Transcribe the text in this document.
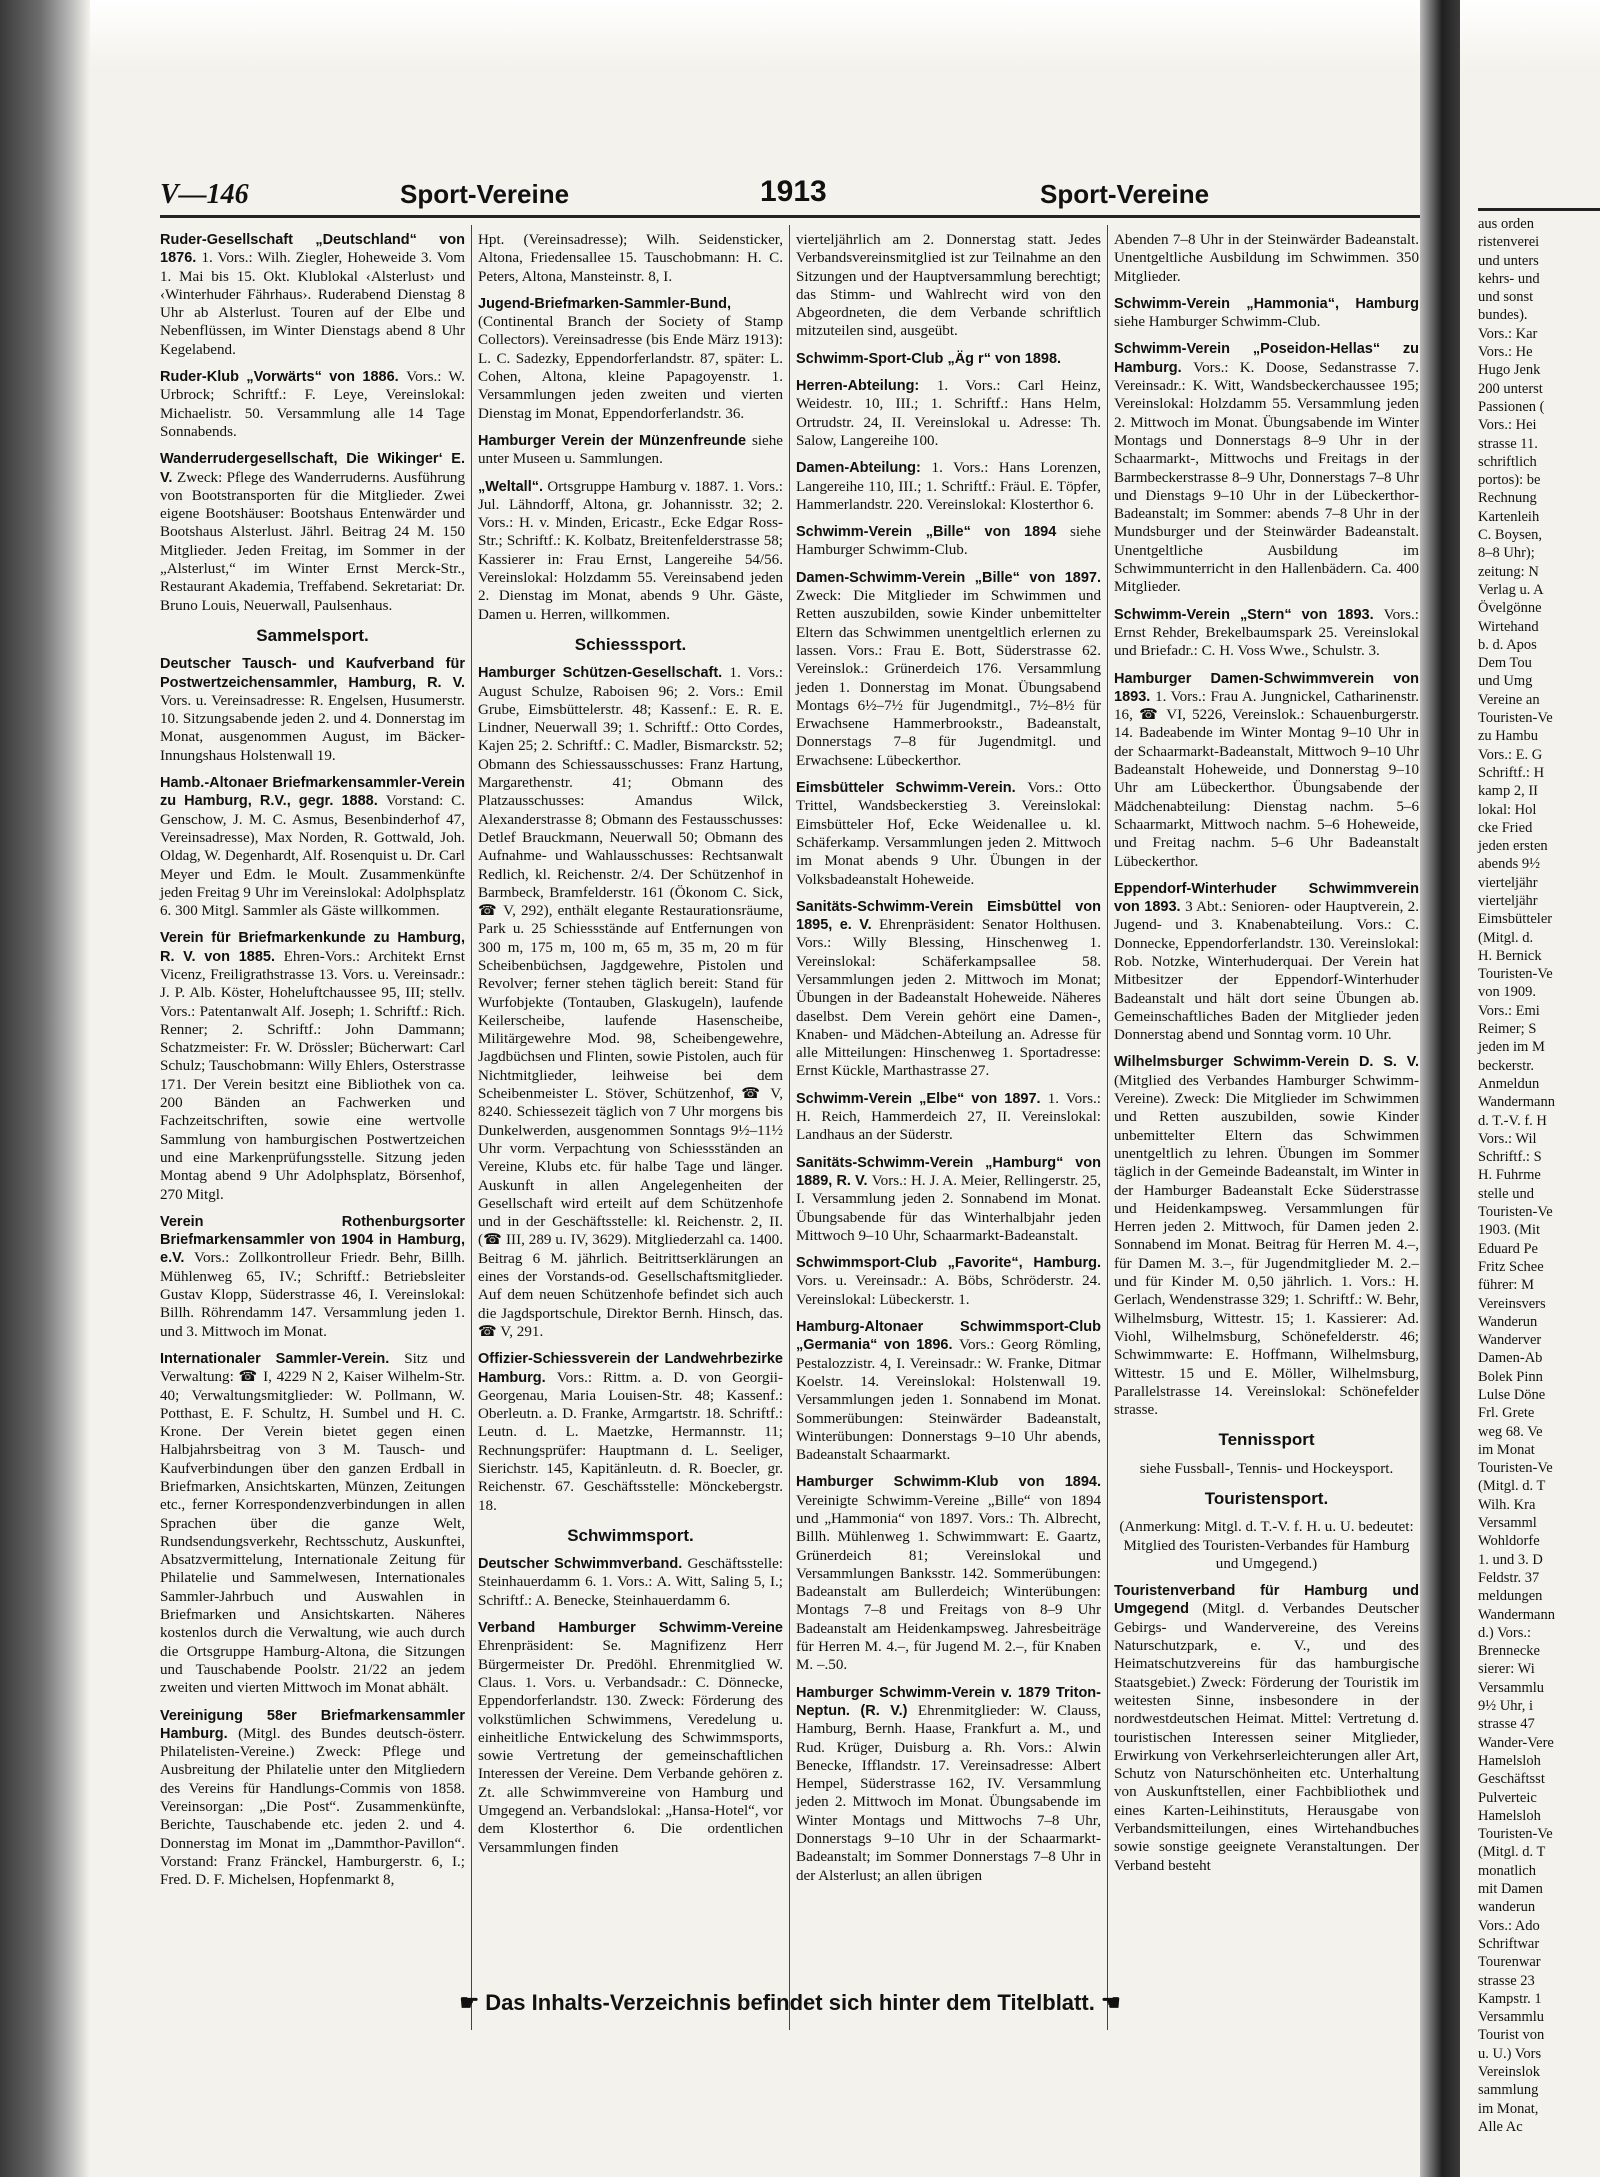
V—146	Sport-Vereine	1913	Sport-Vereine

Ruder-Gesellschaft „Deutschland“ von 1876. 1. Vors.: Wilh. Ziegler, Hoheweide 3. Vom 1. Mai bis 15. Okt. Klublokal ‹Alsterlust› und ‹Winterhuder Fährhaus›. Ruderabend Dienstag 8 Uhr ab Alsterlust. Touren auf der Elbe und Nebenflüssen, im Winter Dienstags abend 8 Uhr Kegelabend.

Ruder-Klub „Vorwärts“ von 1886. Vors.: W. Urbrock; Schriftf.: F. Leye, Vereinslokal: Michaelistr. 50. Versammlung alle 14 Tage Sonnabends.

Wanderrudergesellschaft, Die Wikinger‘ E. V. Zweck: Pflege des Wanderruderns. Ausführung von Bootstransporten für die Mitglieder. Zwei eigene Bootshäuser: Bootshaus Entenwärder und Bootshaus Alsterlust. Jährl. Beitrag 24 M. 150 Mitglieder. Jeden Freitag, im Sommer in der „Alsterlust,“ im Winter Ernst Merck-Str., Restaurant Akademia, Treffabend. Sekretariat: Dr. Bruno Louis, Neuerwall, Paulsenhaus.

Sammelsport.

Deutscher Tausch- und Kaufverband für Postwertzeichensammler, Hamburg, R. V. Vors. u. Vereinsadresse: R. Engelsen, Husumerstr. 10. Sitzungsabende jeden 2. und 4. Donnerstag im Monat, ausgenommen August, im Bäcker-Innungshaus Holstenwall 19.

Hamb.-Altonaer Briefmarkensammler-Verein zu Hamburg, R.V., gegr. 1888. Vorstand: C. Genschow, J. M. C. Asmus, Besenbinderhof 47, Vereinsadresse), Max Norden, R. Gottwald, Joh. Oldag, W. Degenhardt, Alf. Rosenquist u. Dr. Carl Meyer und Edm. le Moult. Zusammenkünfte jeden Freitag 9 Uhr im Vereinslokal: Adolphsplatz 6. 300 Mitgl. Sammler als Gäste willkommen.

Verein für Briefmarkenkunde zu Hamburg, R. V. von 1885. Ehren-Vors.: Architekt Ernst Vicenz, Freiligrathstrasse 13. Vors. u. Vereinsadr.: J. P. Alb. Köster, Hoheluftchaussee 95, III; stellv. Vors.: Patentanwalt Alf. Joseph; 1. Schriftf.: Rich. Renner; 2. Schriftf.: John Dammann; Schatzmeister: Fr. W. Drössler; Bücherwart: Carl Schulz; Tauschobmann: Willy Ehlers, Osterstrasse 171. Der Verein besitzt eine Bibliothek von ca. 200 Bänden an Fachwerken und Fachzeitschriften, sowie eine wertvolle Sammlung von hamburgischen Postwertzeichen und eine Markenprüfungsstelle. Sitzung jeden Montag abend 9 Uhr Adolphsplatz, Börsenhof, 270 Mitgl.

Verein Rothenburgsorter Briefmarkensammler von 1904 in Hamburg, e.V. Vors.: Zollkontrolleur Friedr. Behr, Billh. Mühlenweg 65, IV.; Schriftf.: Betriebsleiter Gustav Klopp, Süderstrasse 46, I. Vereinslokal: Billh. Röhrendamm 147. Versammlung jeden 1. und 3. Mittwoch im Monat.

Internationaler Sammler-Verein. Sitz und Verwaltung: ☎ I, 4229 N 2, Kaiser Wilhelm-Str. 40; Verwaltungsmitglieder: W. Pollmann, W. Potthast, E. F. Schultz, H. Sumbel und H. C. Krone. Der Verein bietet gegen einen Halbjahrsbeitrag von 3 M. Tausch- und Kaufverbindungen über den ganzen Erdball in Briefmarken, Ansichtskarten, Münzen, Zeitungen etc., ferner Korrespondenzverbindungen in allen Sprachen über die ganze Welt, Rundsendungsverkehr, Rechtsschutz, Auskunftei, Absatzvermittelung, Internationale Zeitung für Philatelie und Sammelwesen, Internationales Sammler-Jahrbuch und Auswahlen in Briefmarken und Ansichtskarten. Näheres kostenlos durch die Verwaltung, wie auch durch die Ortsgruppe Hamburg-Altona, die Sitzungen und Tauschabende Poolstr. 21/22 an jedem zweiten und vierten Mittwoch im Monat abhält.

Vereinigung 58er Briefmarkensammler Hamburg. (Mitgl. des Bundes deutsch-österr. Philatelisten-Vereine.) Zweck: Pflege und Ausbreitung der Philatelie unter den Mitgliedern des Vereins für Handlungs-Commis von 1858. Vereinsorgan: „Die Post“. Zusammenkünfte, Berichte, Tauschabende etc. jeden 2. und 4. Donnerstag im Monat im „Dammthor-Pavillon“. Vorstand: Franz Fränckel, Hamburgerstr. 6, I.; Fred. D. F. Michelsen, Hopfenmarkt 8,

Hpt. (Vereinsadresse); Wilh. Seidensticker, Altona, Friedensallee 15. Tauschobmann: H. C. Peters, Altona, Mansteinstr. 8, I.

Jugend-Briefmarken-Sammler-Bund, (Continental Branch der Society of Stamp Collectors). Vereinsadresse (bis Ende März 1913): L. C. Sadezky, Eppendorferlandstr. 87, später: L. Cohen, Altona, kleine Papagoyenstr. 1. Versammlungen jeden zweiten und vierten Dienstag im Monat, Eppendorferlandstr. 36.

Hamburger Verein der Münzenfreunde siehe unter Museen u. Sammlungen.

„Weltall“. Ortsgruppe Hamburg v. 1887. 1. Vors.: Jul. Lähndorff, Altona, gr. Johannisstr. 32; 2. Vors.: H. v. Minden, Ericastr., Ecke Edgar Ross-Str.; Schriftf.: K. Kolbatz, Breitenfelderstrasse 58; Kassierer in: Frau Ernst, Langereihe 54/56. Vereinslokal: Holzdamm 55. Vereinsabend jeden 2. Dienstag im Monat, abends 9 Uhr. Gäste, Damen u. Herren, willkommen.

Schiesssport.

Hamburger Schützen-Gesellschaft. 1. Vors.: August Schulze, Raboisen 96; 2. Vors.: Emil Grube, Eimsbüttelerstr. 48; Kassenf.: E. R. E. Lindner, Neuerwall 39; 1. Schriftf.: Otto Cordes, Kajen 25; 2. Schriftf.: C. Madler, Bismarckstr. 52; Obmann des Schiessausschusses: Franz Hartung, Margarethenstr. 41; Obmann des Platzausschusses: Amandus Wilck, Alexanderstrasse 8; Obmann des Festausschusses: Detlef Brauckmann, Neuerwall 50; Obmann des Aufnahme- und Wahlausschusses: Rechtsanwalt Redlich, kl. Reichenstr. 2/4. Der Schützenhof in Barmbeck, Bramfelderstr. 161 (Ökonom C. Sick, ☎ V, 292), enthält elegante Restaurationsräume, Park u. 25 Schiessstände auf Entfernungen von 300 m, 175 m, 100 m, 65 m, 35 m, 20 m für Scheibenbüchsen, Jagdgewehre, Pistolen und Revolver; ferner stehen täglich bereit: Stand für Wurfobjekte (Tontauben, Glaskugeln), laufende Keilerscheibe, laufende Hasenscheibe, Militärgewehre Mod. 98, Scheibengewehre, Jagdbüchsen und Flinten, sowie Pistolen, auch für Nichtmitglieder, leihweise bei dem Scheibenmeister L. Stöver, Schützenhof, ☎ V, 8240. Schiessezeit täglich von 7 Uhr morgens bis Dunkelwerden, ausgenommen Sonntags 9½–11½ Uhr vorm. Verpachtung von Schiessständen an Vereine, Klubs etc. für halbe Tage und länger. Auskunft in allen Angelegenheiten der Gesellschaft wird erteilt auf dem Schützenhofe und in der Geschäftsstelle: kl. Reichenstr. 2, II. (☎ III, 289 u. IV, 3629). Mitgliederzahl ca. 1400. Beitrag 6 M. jährlich. Beitrittserklärungen an eines der Vorstands-od. Gesellschaftsmitglieder. Auf dem neuen Schützenhofe befindet sich auch die Jagdsportschule, Direktor Bernh. Hinsch, das. ☎ V, 291.

Offizier-Schiessverein der Landwehrbezirke Hamburg. Vors.: Rittm. a. D. von Georgii-Georgenau, Maria Louisen-Str. 48; Kassenf.: Oberleutn. a. D. Franke, Armgartstr. 18. Schriftf.: Leutn. d. L. Maetzke, Hermannstr. 11; Rechnungsprüfer: Hauptmann d. L. Seeliger, Sierichstr. 145, Kapitänleutn. d. R. Boecler, gr. Reichenstr. 67. Geschäftsstelle: Mönckebergstr. 18.

Schwimmsport.

Deutscher Schwimmverband. Geschäftsstelle: Steinhauerdamm 6. 1. Vors.: A. Witt, Saling 5, I.; Schriftf.: A. Benecke, Steinhauerdamm 6.

Verband Hamburger Schwimm-Vereine Ehrenpräsident: Se. Magnifizenz Herr Bürgermeister Dr. Predöhl. Ehrenmitglied W. Claus. 1. Vors. u. Verbandsadr.: C. Dönnecke, Eppendorferlandstr. 130. Zweck: Förderung des volkstümlichen Schwimmens, Veredelung u. einheitliche Entwickelung des Schwimmsports, sowie Vertretung der gemeinschaftlichen Interessen der Vereine. Dem Verbande gehören z. Zt. alle Schwimmvereine von Hamburg und Umgegend an. Verbandslokal: „Hansa-Hotel“, vor dem Klosterthor 6. Die ordentlichen Versammlungen finden

vierteljährlich am 2. Donnerstag statt. Jedes Verbandsvereinsmitglied ist zur Teilnahme an den Sitzungen und der Hauptversammlung berechtigt; das Stimm- und Wahlrecht wird von den Abgeordneten, die dem Verbande schriftlich mitzuteilen sind, ausgeübt.

Schwimm-Sport-Club „Äg r“ von 1898.

Herren-Abteilung: 1. Vors.: Carl Heinz, Weidestr. 10, III.; 1. Schriftf.: Hans Helm, Ortrudstr. 24, II. Vereinslokal u. Adresse: Th. Salow, Langereihe 100.

Damen-Abteilung: 1. Vors.: Hans Lorenzen, Langereihe 110, III.; 1. Schriftf.: Fräul. E. Töpfer, Hammerlandstr. 220. Vereinslokal: Klosterthor 6.

Schwimm-Verein „Bille“ von 1894 siehe Hamburger Schwimm-Club.

Damen-Schwimm-Verein „Bille“ von 1897. Zweck: Die Mitglieder im Schwimmen und Retten auszubilden, sowie Kinder unbemittelter Eltern das Schwimmen unentgeltlich erlernen zu lassen. Vors.: Frau E. Bott, Süderstrasse 62. Vereinslok.: Grünerdeich 176. Versammlung jeden 1. Donnerstag im Monat. Übungsabend Montags 6½–7½ für Jugendmitgl., 7½–8½ für Erwachsene Hammerbrookstr., Badeanstalt, Donnerstags 7–8 für Jugendmitgl. und Erwachsene: Lübeckerthor.

Eimsbütteler Schwimm-Verein. Vors.: Otto Trittel, Wandsbeckerstieg 3. Vereinslokal: Eimsbütteler Hof, Ecke Weidenallee u. kl. Schäferkamp. Versammlungen jeden 2. Mittwoch im Monat abends 9 Uhr. Übungen in der Volksbadeanstalt Hoheweide.

Sanitäts-Schwimm-Verein Eimsbüttel von 1895, e. V. Ehrenpräsident: Senator Holthusen. Vors.: Willy Blessing, Hinschenweg 1. Vereinslokal: Schäferkampsallee 58. Versammlungen jeden 2. Mittwoch im Monat; Übungen in der Badeanstalt Hoheweide. Näheres daselbst. Dem Verein gehört eine Damen-, Knaben- und Mädchen-Abteilung an. Adresse für alle Mitteilungen: Hinschenweg 1. Sportadresse: Ernst Kückle, Marthastrasse 27.

Schwimm-Verein „Elbe“ von 1897. 1. Vors.: H. Reich, Hammerdeich 27, II. Vereinslokal: Landhaus an der Süderstr.

Sanitäts-Schwimm-Verein „Hamburg“ von 1889, R. V. Vors.: H. J. A. Meier, Rellingerstr. 25, I. Versammlung jeden 2. Sonnabend im Monat. Übungsabende für das Winterhalbjahr jeden Mittwoch 9–10 Uhr, Schaarmarkt-Badeanstalt.

Schwimmsport-Club „Favorite“, Hamburg. Vors. u. Vereinsadr.: A. Böbs, Schröderstr. 24. Vereinslokal: Lübeckerstr. 1.

Hamburg-Altonaer Schwimmsport-Club „Germania“ von 1896. Vors.: Georg Römling, Pestalozzistr. 4, I. Vereinsadr.: W. Franke, Ditmar Koelstr. 14. Vereinslokal: Holstenwall 19. Versammlungen jeden 1. Sonnabend im Monat. Sommerübungen: Steinwärder Badeanstalt, Winterübungen: Donnerstags 9–10 Uhr abends, Badeanstalt Schaarmarkt.

Hamburger Schwimm-Klub von 1894. Vereinigte Schwimm-Vereine „Bille“ von 1894 und „Hammonia“ von 1897. Vors.: Th. Albrecht, Billh. Mühlenweg 1. Schwimmwart: E. Gaartz, Grünerdeich 81; Vereinslokal und Versammlungen Banksstr. 142. Sommerübungen: Badeanstalt am Bullerdeich; Winterübungen: Montags 7–8 und Freitags von 8–9 Uhr Badeanstalt am Heidenkampsweg. Jahresbeiträge für Herren M. 4.–, für Jugend M. 2.–, für Knaben M. –.50.

Hamburger Schwimm-Verein v. 1879 Triton-Neptun. (R. V.) Ehrenmitglieder: W. Clauss, Hamburg, Bernh. Haase, Frankfurt a. M., und Rud. Krüger, Duisburg a. Rh. Vors.: Alwin Benecke, Ifflandstr. 17. Vereinsadresse: Albert Hempel, Süderstrasse 162, IV. Versammlung jeden 2. Mittwoch im Monat. Übungsabende im Winter Montags und Mittwochs 7–8 Uhr, Donnerstags 9–10 Uhr in der Schaarmarkt-Badeanstalt; im Sommer Donnerstags 7–8 Uhr in der Alsterlust; an allen übrigen

Abenden 7–8 Uhr in der Steinwärder Badeanstalt. Unentgeltliche Ausbildung im Schwimmen. 350 Mitglieder.

Schwimm-Verein „Hammonia“, Hamburg siehe Hamburger Schwimm-Club.

Schwimm-Verein „Poseidon-Hellas“ zu Hamburg. Vors.: K. Doose, Sedanstrasse 7. Vereinsadr.: K. Witt, Wandsbeckerchaussee 195; Vereinslokal: Holzdamm 55. Versammlung jeden 2. Mittwoch im Monat. Übungsabende im Winter Montags und Donnerstags 8–9 Uhr in der Schaarmarkt-, Mittwochs und Freitags in der Barmbeckerstrasse 8–9 Uhr, Donnerstags 7–8 Uhr und Dienstags 9–10 Uhr in der Lübeckerthor-Badeanstalt; im Sommer: abends 7–8 Uhr in der Mundsburger und der Steinwärder Badeanstalt. Unentgeltliche Ausbildung im Schwimmunterricht in den Hallenbädern. Ca. 400 Mitglieder.

Schwimm-Verein „Stern“ von 1893. Vors.: Ernst Rehder, Brekelbaumspark 25. Vereinslokal und Briefadr.: C. H. Voss Wwe., Schulstr. 3.

Hamburger Damen-Schwimmverein von 1893. 1. Vors.: Frau A. Jungnickel, Catharinenstr. 16, ☎ VI, 5226, Vereinslok.: Schauenburgerstr. 14. Badeabende im Winter Montag 9–10 Uhr in der Schaarmarkt-Badeanstalt, Mittwoch 9–10 Uhr Badeanstalt Hoheweide, und Donnerstag 9–10 Uhr am Lübeckerthor. Übungsabende der Mädchenabteilung: Dienstag nachm. 5–6 Schaarmarkt, Mittwoch nachm. 5–6 Hoheweide, und Freitag nachm. 5–6 Uhr Badeanstalt Lübeckerthor.

Eppendorf-Winterhuder Schwimmverein von 1893. 3 Abt.: Senioren- oder Hauptverein, 2. Jugend- und 3. Knabenabteilung. Vors.: C. Donnecke, Eppendorferlandstr. 130. Vereinslokal: Rob. Notzke, Winterhuderquai. Der Verein hat Mitbesitzer der Eppendorf-Winterhuder Badeanstalt und hält dort seine Übungen ab. Gemeinschaftliches Baden der Mitglieder jeden Donnerstag abend und Sonntag vorm. 10 Uhr.

Wilhelmsburger Schwimm-Verein D. S. V. (Mitglied des Verbandes Hamburger Schwimm-Vereine). Zweck: Die Mitglieder im Schwimmen und Retten auszubilden, sowie Kinder unbemittelter Eltern das Schwimmen unentgeltlich zu lehren. Übungen im Sommer täglich in der Gemeinde Badeanstalt, im Winter in der Hamburger Badeanstalt Ecke Süderstrasse und Heidenkampsweg. Versammlungen für Herren jeden 2. Mittwoch, für Damen jeden 2. Sonnabend im Monat. Beitrag für Herren M. 4.–, für Damen M. 3.–, für Jugendmitglieder M. 2.– und für Kinder M. 0,50 jährlich. 1. Vors.: H. Gerlach, Wendenstrasse 329; 1. Schriftf.: W. Behr, Wilhelmsburg, Wittestr. 15; 1. Kassierer: Ad. Viohl, Wilhelmsburg, Schönefelderstr. 46; Schwimmwarte: E. Hoffmann, Wilhelmsburg, Wittestr. 15 und E. Möller, Wilhelmsburg, Parallelstrasse 14. Vereinslokal: Schönefelder strasse.

Tennissport
siehe Fussball-, Tennis- und Hockeysport.
Touristensport.
(Anmerkung: Mitgl. d. T.-V. f. H. u. U. bedeutet: Mitglied des Touristen-Verbandes für Hamburg und Umgegend.)

Touristenverband für Hamburg und Umgegend (Mitgl. d. Verbandes Deutscher Gebirgs- und Wandervereine, des Vereins Naturschutzpark, e. V., und des Heimatschutzvereins für das hamburgische Staatsgebiet.) Zweck: Förderung der Touristik im weitesten Sinne, insbesondere in der nordwestdeutschen Heimat. Mittel: Vertretung d. touristischen Interessen seiner Mitglieder, Erwirkung von Verkehrserleichterungen aller Art, Schutz von Naturschönheiten etc. Unterhaltung von Auskunftstellen, einer Fachbibliothek und eines Karten-Leihinstituts, Herausgabe von Verbandsmitteilungen, eines Wirtehandbuches sowie sonstige geeignete Veranstaltungen. Der Verband besteht

aus orden
ristenverei
und unters
kehrs- und
und sonst
bundes).
Vors.: Kar
Vors.: He
Hugo Jenk
200 unterst
Passionen (
Vors.: Hei
strasse 11.
schriftlich
portos): be
Rechnung
Kartenleih
C. Boysen,
8–8 Uhr);
zeitung: N
Verlag u. A
Övelgönne
Wirtehand
b. d. Apos
Dem Tou
und Umg
Vereine an
Touristen-Ve
zu Hambu
Vors.: E. G
Schriftf.: H
kamp 2, II
lokal: Hol
cke Fried
jeden ersten
abends 9½
vierteljähr
vierteljähr
Eimsbütteler
(Mitgl. d.
H. Bernick
Touristen-Ve
von 1909.
Vors.: Emi
Reimer; S
jeden im M
beckerstr.
Anmeldun
Wandermann
d. T.-V. f. H
Vors.: Wil
Schriftf.: S
H. Fuhrme
stelle und
Touristen-Ve
1903. (Mit
Eduard Pe
Fritz Schee
führer: M
Vereinsvers
Wanderun
Wanderver
Damen-Ab
Bolek Pinn
Lulse Döne
Frl. Grete
weg 68. Ve
im Monat
Touristen-Ve
(Mitgl. d. T
Wilh. Kra
Versamml
Wohldorfe
1. und 3. D
Feldstr. 37
meldungen
Wandermann
d.) Vors.:
Brennecke
sierer: Wi
Versammlu
9½ Uhr, i
strasse 47
Wander-Vere
Hamelsloh
Geschäftsst
Pulverteic
Hamelsloh
Touristen-Ve
(Mitgl. d. T
monatlich
mit Damen
wanderun
Vors.: Ado
Schriftwar
Tourenwar
strasse 23
Kampstr. 1
Versammlu
Tourist von
u. U.) Vors
Vereinslok
sammlung
im Monat,
Alle Ac
☛ Das Inhalts-Verzeichnis befindet sich hinter dem Titelblatt. ☚
